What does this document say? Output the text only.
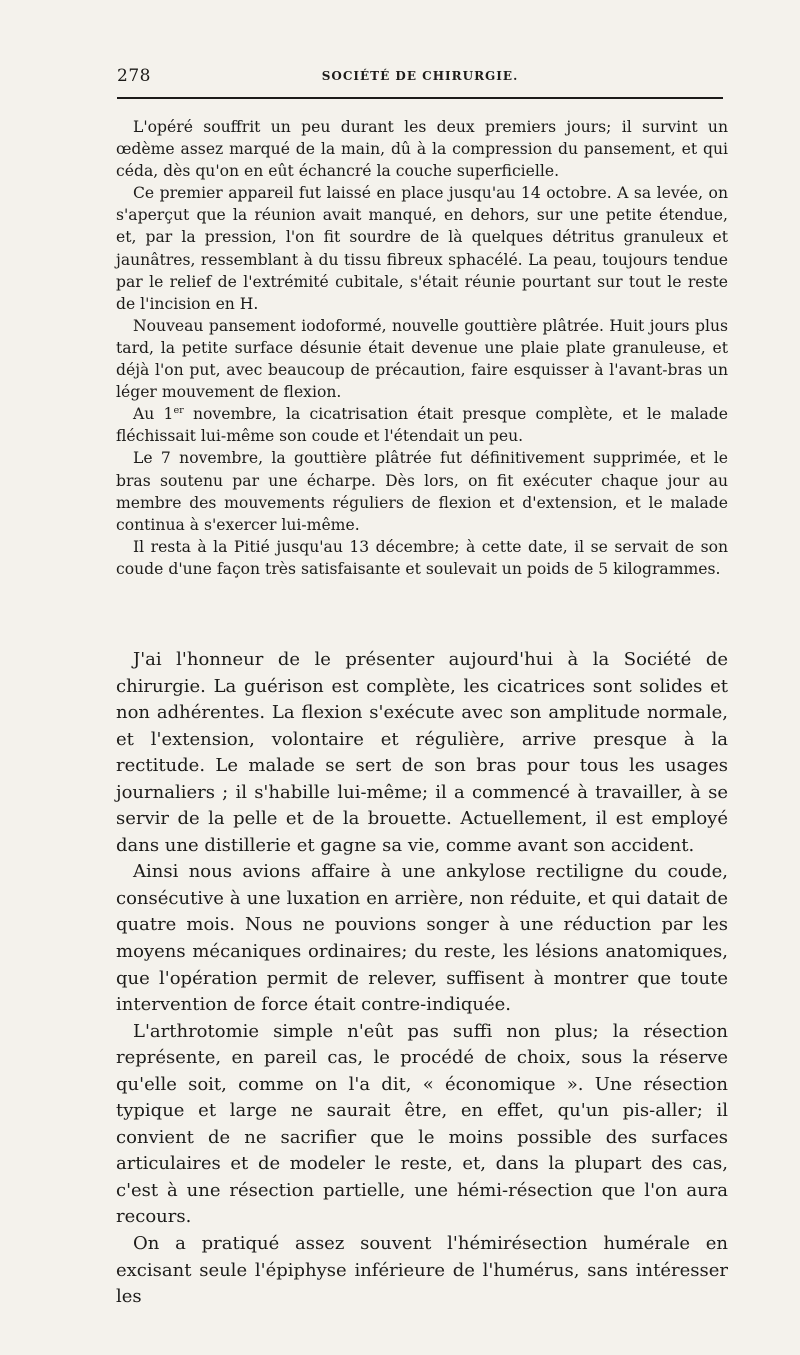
278	SOCIÉTÉ DE CHIRURGIE.

L'opéré souffrit un peu durant les deux premiers jours; il survint un œdème assez marqué de la main, dû à la compression du pansement, et qui céda, dès qu'on en eût échancré la couche superficielle.

Ce premier appareil fut laissé en place jusqu'au 14 octobre. A sa levée, on s'aperçut que la réunion avait manqué, en dehors, sur une petite étendue, et, par la pression, l'on fit sourdre de là quelques détritus granuleux et jaunâtres, ressemblant à du tissu fibreux sphacélé. La peau, toujours tendue par le relief de l'extrémité cubitale, s'était réunie pourtant sur tout le reste de l'incision en H.

Nouveau pansement iodoformé, nouvelle gouttière plâtrée. Huit jours plus tard, la petite surface désunie était devenue une plaie plate granuleuse, et déjà l'on put, avec beaucoup de précaution, faire esquisser à l'avant-bras un léger mouvement de flexion.

Au 1er novembre, la cicatrisation était presque complète, et le malade fléchissait lui-même son coude et l'étendait un peu.

Le 7 novembre, la gouttière plâtrée fut définitivement supprimée, et le bras soutenu par une écharpe. Dès lors, on fit exécuter chaque jour au membre des mouvements réguliers de flexion et d'extension, et le malade continua à s'exercer lui-même.

Il resta à la Pitié jusqu'au 13 décembre; à cette date, il se servait de son coude d'une façon très satisfaisante et soulevait un poids de 5 kilogrammes.

J'ai l'honneur de le présenter aujourd'hui à la Société de chirurgie. La guérison est complète, les cicatrices sont solides et non adhérentes. La flexion s'exécute avec son amplitude normale, et l'extension, volontaire et régulière, arrive presque à la rectitude. Le malade se sert de son bras pour tous les usages journaliers ; il s'habille lui-même; il a commencé à travailler, à se servir de la pelle et de la brouette. Actuellement, il est employé dans une distillerie et gagne sa vie, comme avant son accident.

Ainsi nous avions affaire à une ankylose rectiligne du coude, consécutive à une luxation en arrière, non réduite, et qui datait de quatre mois. Nous ne pouvions songer à une réduction par les moyens mécaniques ordinaires; du reste, les lésions anatomiques, que l'opération permit de relever, suffisent à montrer que toute intervention de force était contre-indiquée.

L'arthrotomie simple n'eût pas suffi non plus; la résection représente, en pareil cas, le procédé de choix, sous la réserve qu'elle soit, comme on l'a dit, « économique ». Une résection typique et large ne saurait être, en effet, qu'un pis-aller; il convient de ne sacrifier que le moins possible des surfaces articulaires et de modeler le reste, et, dans la plupart des cas, c'est à une résection partielle, une hémi-résection que l'on aura recours.

On a pratiqué assez souvent l'hémirésection humérale en excisant seule l'épiphyse inférieure de l'humérus, sans intéresser les
